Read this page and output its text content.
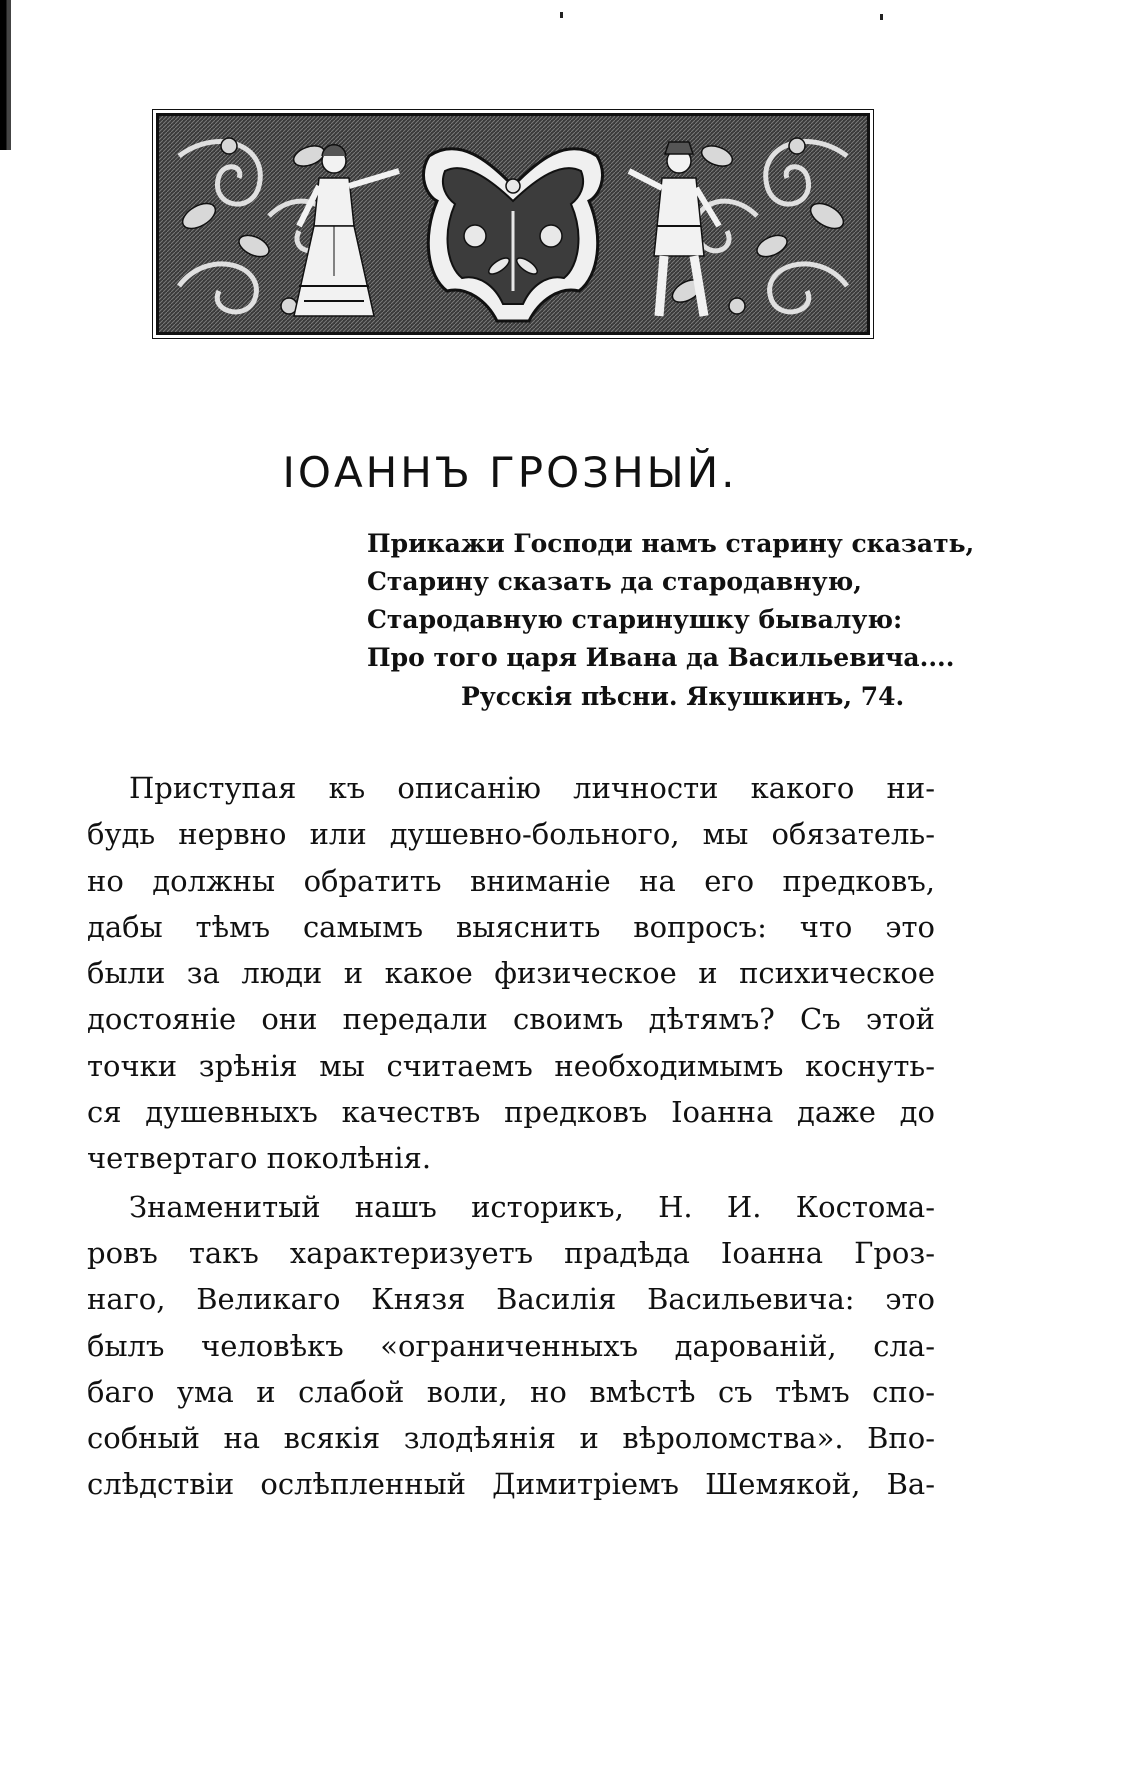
ІОАННЪ ГРОЗНЫЙ.
Прикажи Господи намъ старину сказать,
Старину сказать да стародавную,
Стародавную старинушку бывалую:
Про того царя Ивана да Васильевича....
Русскія пѣсни. Якушкинъ, 74.
Приступая къ описанію личности какого ни-
будь нервно или душевно-больного, мы обязатель-
но должны обратить вниманіе на его предковъ,
дабы тѣмъ самымъ выяснить вопросъ: что это
были за люди и какое физическое и психическое
достояніе они передали своимъ дѣтямъ? Съ этой
точки зрѣнія мы считаемъ необходимымъ коснуть-
ся душевныхъ качествъ предковъ Іоанна даже до
четвертаго поколѣнія.
Знаменитый нашъ историкъ, Н. И. Костома-
ровъ такъ характеризуетъ прадѣда Іоанна Гроз-
наго, Великаго Князя Василія Васильевича: это
былъ человѣкъ «ограниченныхъ дарованій, сла-
баго ума и слабой воли, но вмѣстѣ съ тѣмъ спо-
собный на всякія злодѣянія и вѣроломства». Впо-
слѣдствіи ослѣпленный Димитріемъ Шемякой, Ва-
